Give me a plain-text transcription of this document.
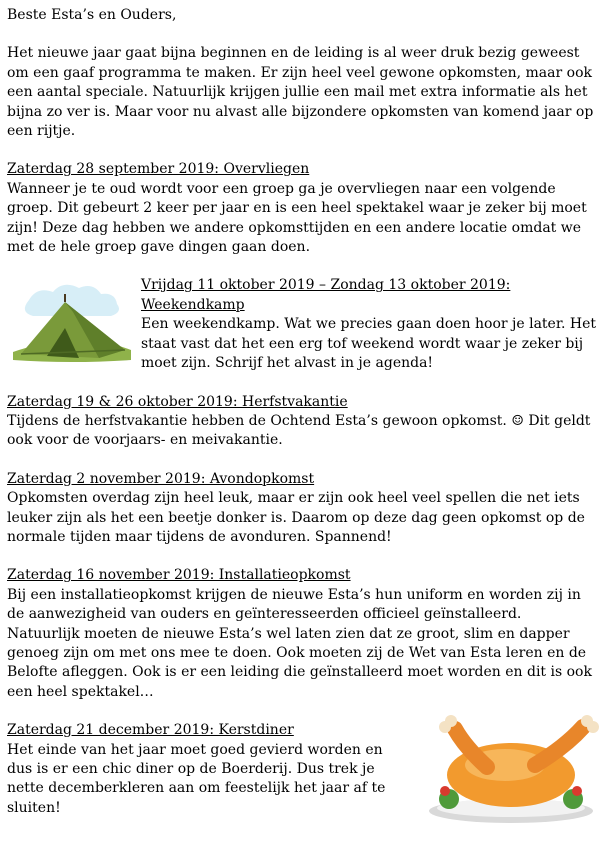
Beste Esta’s en Ouders,

Het nieuwe jaar gaat bijna beginnen en de leiding is al weer druk bezig geweest om een gaaf programma te maken. Er zijn heel veel gewone opkomsten, maar ook een aantal speciale. Natuurlijk krijgen jullie een mail met extra informatie als het bijna zo ver is. Maar voor nu alvast alle bijzondere opkomsten van komend jaar op een rijtje.

Zaterdag 28 september 2019: Overvliegen

Wanneer je te oud wordt voor een groep ga je overvliegen naar een volgende groep. Dit gebeurt 2 keer per jaar en is een heel spektakel waar je zeker bij moet zijn! Deze dag hebben we andere opkomsttijden en een andere locatie omdat we met de hele groep gave dingen gaan doen.

Vrijdag 11 oktober 2019 – Zondag 13 oktober 2019: Weekendkamp

Een weekendkamp. Wat we precies gaan doen hoor je later. Het staat vast dat het een erg tof weekend wordt waar je zeker bij moet zijn. Schrijf het alvast in je agenda!

Zaterdag 19 & 26 oktober 2019: Herfstvakantie

Tijdens de herfstvakantie hebben de Ochtend Esta’s gewoon opkomst. ☺ Dit geldt ook voor de voorjaars- en meivakantie.

Zaterdag 2 november 2019: Avondopkomst

Opkomsten overdag zijn heel leuk, maar er zijn ook heel veel spellen die net iets leuker zijn als het een beetje donker is. Daarom op deze dag geen opkomst op de normale tijden maar tijdens de avonduren. Spannend!

Zaterdag 16 november 2019: Installatieopkomst

Bij een installatieopkomst krijgen de nieuwe Esta’s hun uniform en worden zij in de aanwezigheid van ouders en geïnteresseerden officieel geïnstalleerd. Natuurlijk moeten de nieuwe Esta’s wel laten zien dat ze groot, slim en dapper genoeg zijn om met ons mee te doen. Ook moeten zij de Wet van Esta leren en de Belofte afleggen. Ook is er een leiding die geïnstalleerd moet worden en dit is ook een heel spektakel…

Zaterdag 21 december 2019: Kerstdiner

Het einde van het jaar moet goed gevierd worden en dus is er een chic diner op de Boerderij. Dus trek je nette decemberkleren aan om feestelijk het jaar af te sluiten!
